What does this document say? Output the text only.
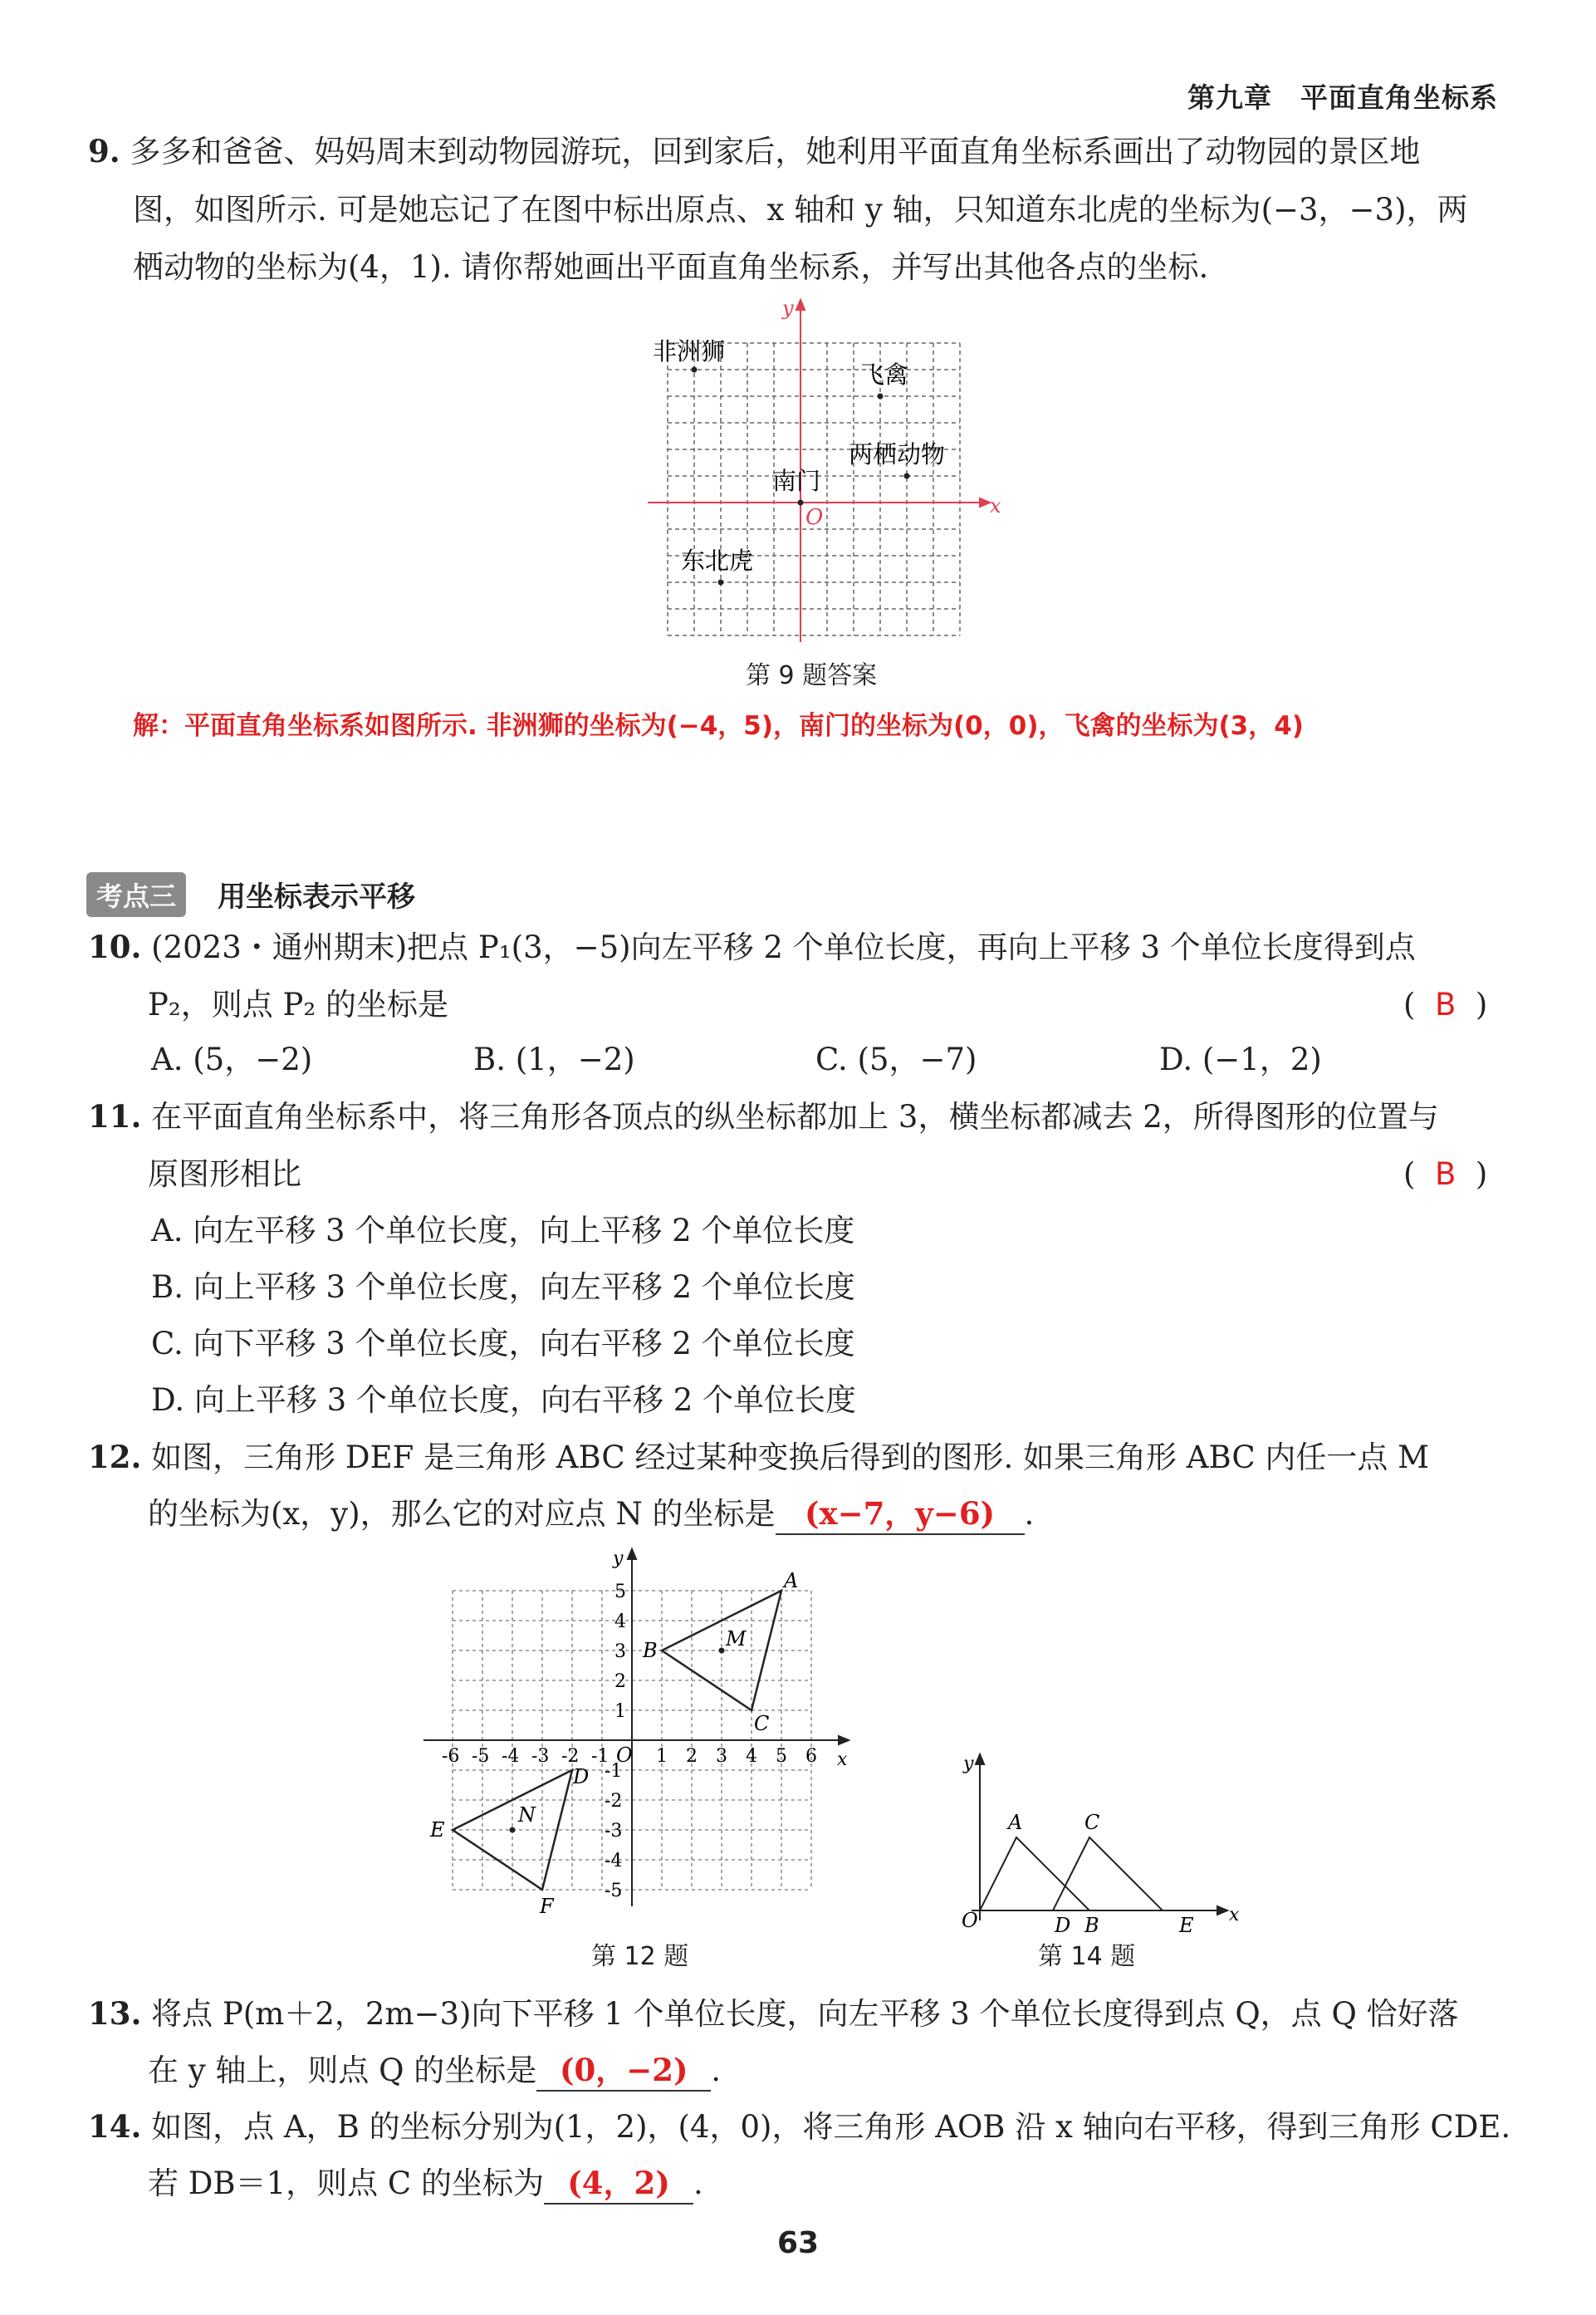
第九章　平面直角坐标系
9. 多多和爸爸、妈妈周末到动物园游玩，回到家后，她利用平面直角坐标系画出了动物园的景区地
图，如图所示. 可是她忘记了在图中标出原点、x 轴和 y 轴，只知道东北虎的坐标为(−3，−3)，两
栖动物的坐标为(4，1). 请你帮她画出平面直角坐标系，并写出其他各点的坐标.
x
y
O
非洲狮
飞禽
两栖动物
南门
东北虎
第 9 题答案
解：平面直角坐标系如图所示. 非洲狮的坐标为(−4，5)，南门的坐标为(0，0)，飞禽的坐标为(3，4)
考点三	用坐标表示平移
10. (2023・通州期末)把点 P₁(3，−5)向左平移 2 个单位长度，再向上平移 3 个单位长度得到点
P₂，则点 P₂ 的坐标是	(  B  )
A. (5，−2)	B. (1，−2)	C. (5，−7)	D. (−1，2)
11. 在平面直角坐标系中，将三角形各顶点的纵坐标都加上 3，横坐标都减去 2，所得图形的位置与
原图形相比	(  B  )
A. 向左平移 3 个单位长度，向上平移 2 个单位长度
B. 向上平移 3 个单位长度，向左平移 2 个单位长度
C. 向下平移 3 个单位长度，向右平移 2 个单位长度
D. 向上平移 3 个单位长度，向右平移 2 个单位长度
12. 如图，三角形 DEF 是三角形 ABC 经过某种变换后得到的图形. 如果三角形 ABC 内任一点 M
的坐标为(x，y)，那么它的对应点 N 的坐标是 (x−7，y−6) .
x
y
O
-6 -5 -4 -3 -2 -1	1 2 3 4 5 6
1
2
3
4
5
-1
-2
-3
-4
-5
A
B
C
M
D
E
F
N
第 12 题
x
y
O
A	C
D B	E
第 14 题
13. 将点 P(m＋2，2m−3)向下平移 1 个单位长度，向左平移 3 个单位长度得到点 Q，点 Q 恰好落
在 y 轴上，则点 Q 的坐标是 (0，−2) .
14. 如图，点 A，B 的坐标分别为(1，2)，(4，0)，将三角形 AOB 沿 x 轴向右平移，得到三角形 CDE.
若 DB＝1，则点 C 的坐标为 (4，2) .
63
